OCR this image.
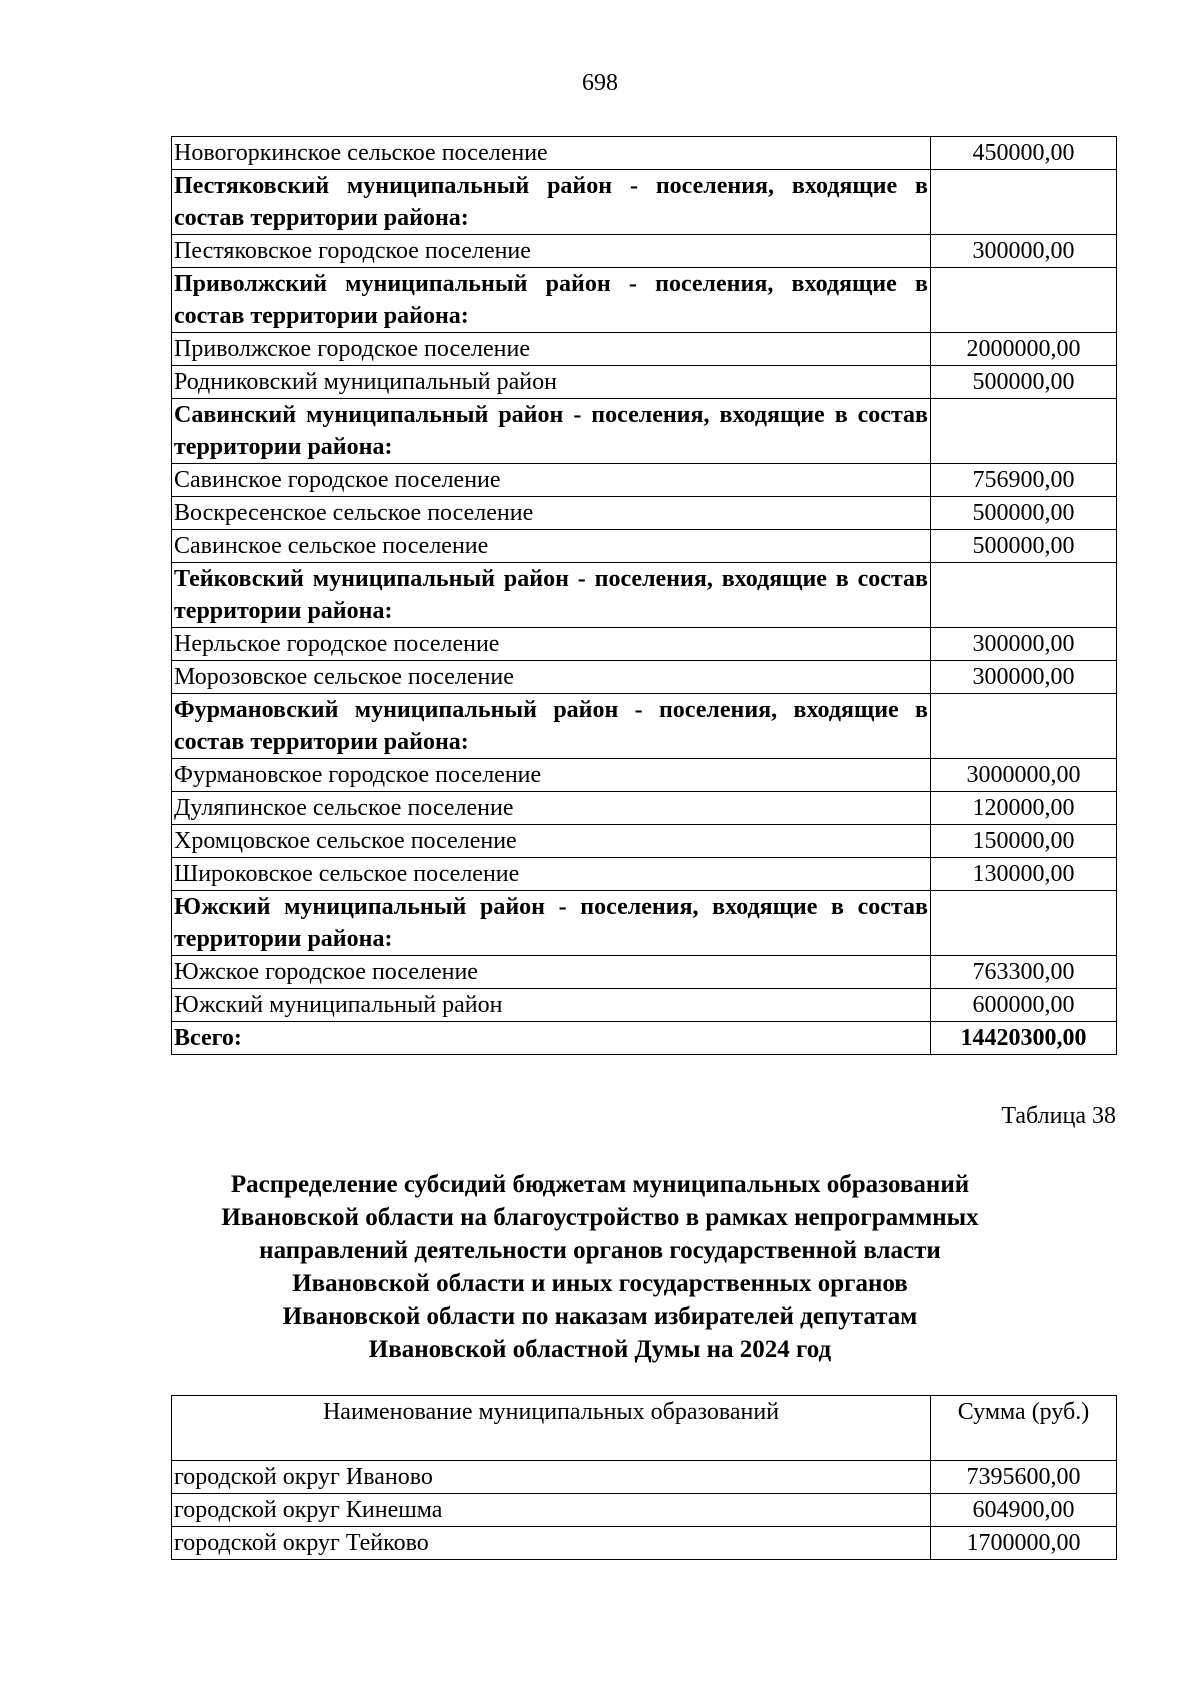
698
Новогоркинское сельское поселение	450000,00
Пестяковский муниципальный район - поселения, входящие в состав территории района:	
Пестяковское городское поселение	300000,00
Приволжский муниципальный район - поселения, входящие в состав территории района:	
Приволжское городское поселение	2000000,00
Родниковский муниципальный район	500000,00
Савинский муниципальный район - поселения, входящие в состав территории района:	
Савинское городское поселение	756900,00
Воскресенское сельское поселение	500000,00
Савинское сельское поселение	500000,00
Тейковский муниципальный район - поселения, входящие в состав территории района:	
Нерльское городское поселение	300000,00
Морозовское сельское поселение	300000,00
Фурмановский муниципальный район - поселения, входящие в состав территории района:	
Фурмановское городское поселение	3000000,00
Дуляпинское сельское поселение	120000,00
Хромцовское сельское поселение	150000,00
Широковское сельское поселение	130000,00
Южский муниципальный район - поселения, входящие в состав территории района:	
Южское городское поселение	763300,00
Южский муниципальный район	600000,00
Всего:	14420300,00
Таблица 38
Распределение субсидий бюджетам муниципальных образований
Ивановской области на благоустройство в рамках непрограммных
направлений деятельности органов государственной власти
Ивановской области и иных государственных органов
Ивановской области по наказам избирателей депутатам
Ивановской областной Думы на 2024 год
Наименование муниципальных образований	Сумма (руб.)
городской округ Иваново	7395600,00
городской округ Кинешма	604900,00
городской округ Тейково	1700000,00
